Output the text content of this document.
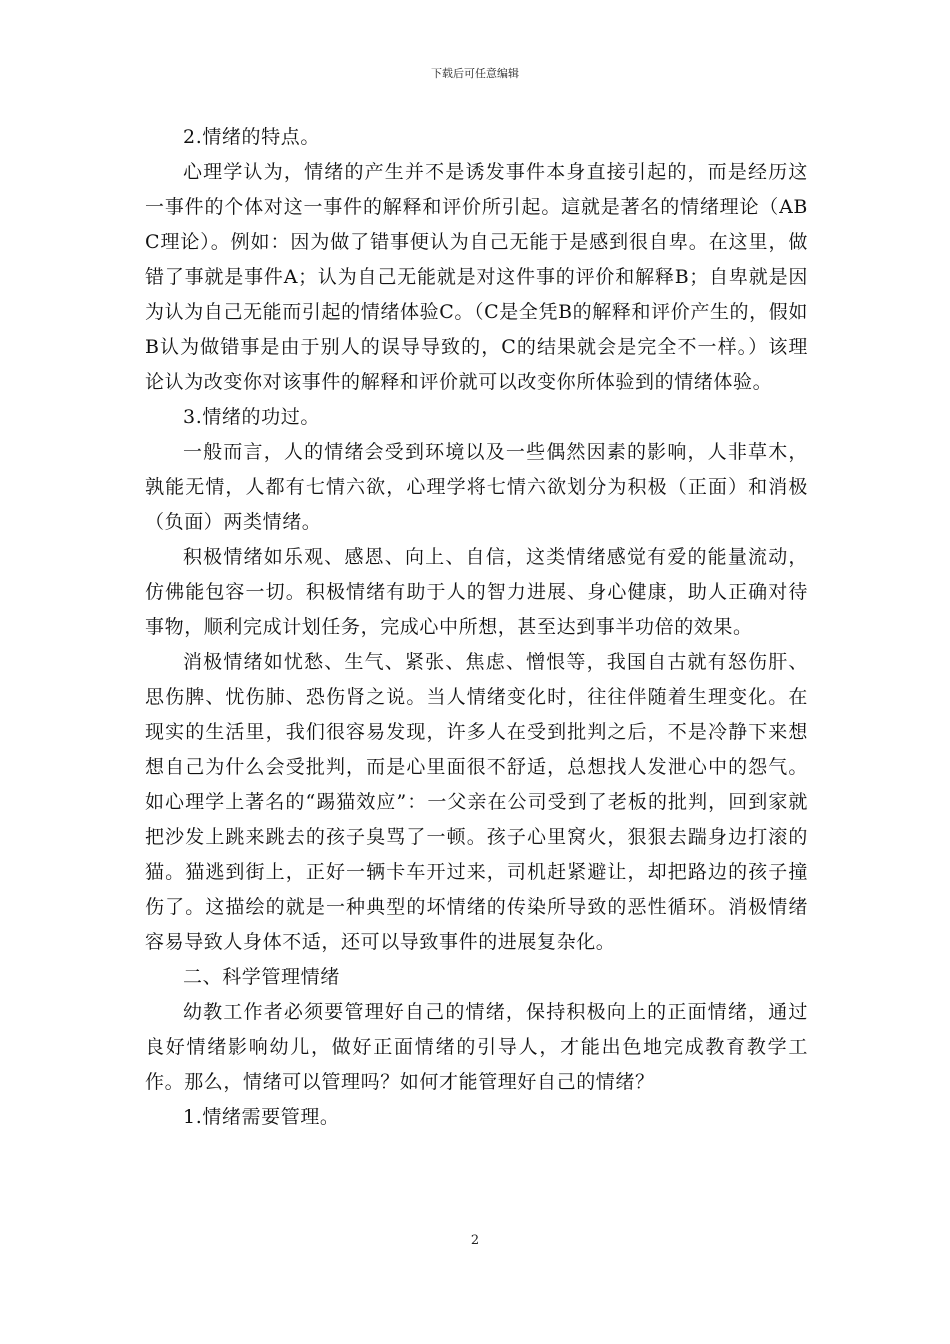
下载后可任意编辑

2.情绪的特点。

心理学认为，情绪的产生并不是诱发事件本身直接引起的，而是经历这一事件的个体对这一事件的解释和评价所引起。這就是著名的情绪理论（ABC理论）。例如：因为做了错事便认为自己无能于是感到很自卑。在这里，做错了事就是事件A；认为自己无能就是对这件事的评价和解释B；自卑就是因为认为自己无能而引起的情绪体验C。（C是全凭B的解释和评价产生的，假如B认为做错事是由于别人的误导导致的，C的结果就会是完全不一样。）该理论认为改变你对该事件的解释和评价就可以改变你所体验到的情绪体验。

3.情绪的功过。

一般而言，人的情绪会受到环境以及一些偶然因素的影响，人非草木，孰能无情，人都有七情六欲，心理学将七情六欲划分为积极（正面）和消极（负面）两类情绪。

积极情绪如乐观、感恩、向上、自信，这类情绪感觉有爱的能量流动，仿佛能包容一切。积极情绪有助于人的智力进展、身心健康，助人正确对待事物，顺利完成计划任务，完成心中所想，甚至达到事半功倍的效果。

消极情绪如忧愁、生气、紧张、焦虑、憎恨等，我国自古就有怒伤肝、思伤脾、忧伤肺、恐伤肾之说。当人情绪变化时，往往伴随着生理变化。在现实的生活里，我们很容易发现，许多人在受到批判之后，不是冷静下来想想自己为什么会受批判，而是心里面很不舒适，总想找人发泄心中的怨气。如心理学上著名的“踢猫效应”：一父亲在公司受到了老板的批判，回到家就把沙发上跳来跳去的孩子臭骂了一顿。孩子心里窝火，狠狠去踹身边打滚的猫。猫逃到街上，正好一辆卡车开过来，司机赶紧避让，却把路边的孩子撞伤了。这描绘的就是一种典型的坏情绪的传染所导致的恶性循环。消极情绪容易导致人身体不适，还可以导致事件的进展复杂化。

二、科学管理情绪

幼教工作者必须要管理好自己的情绪，保持积极向上的正面情绪，通过良好情绪影响幼儿，做好正面情绪的引导人，才能出色地完成教育教学工作。那么，情绪可以管理吗？如何才能管理好自己的情绪？

1.情绪需要管理。

2
